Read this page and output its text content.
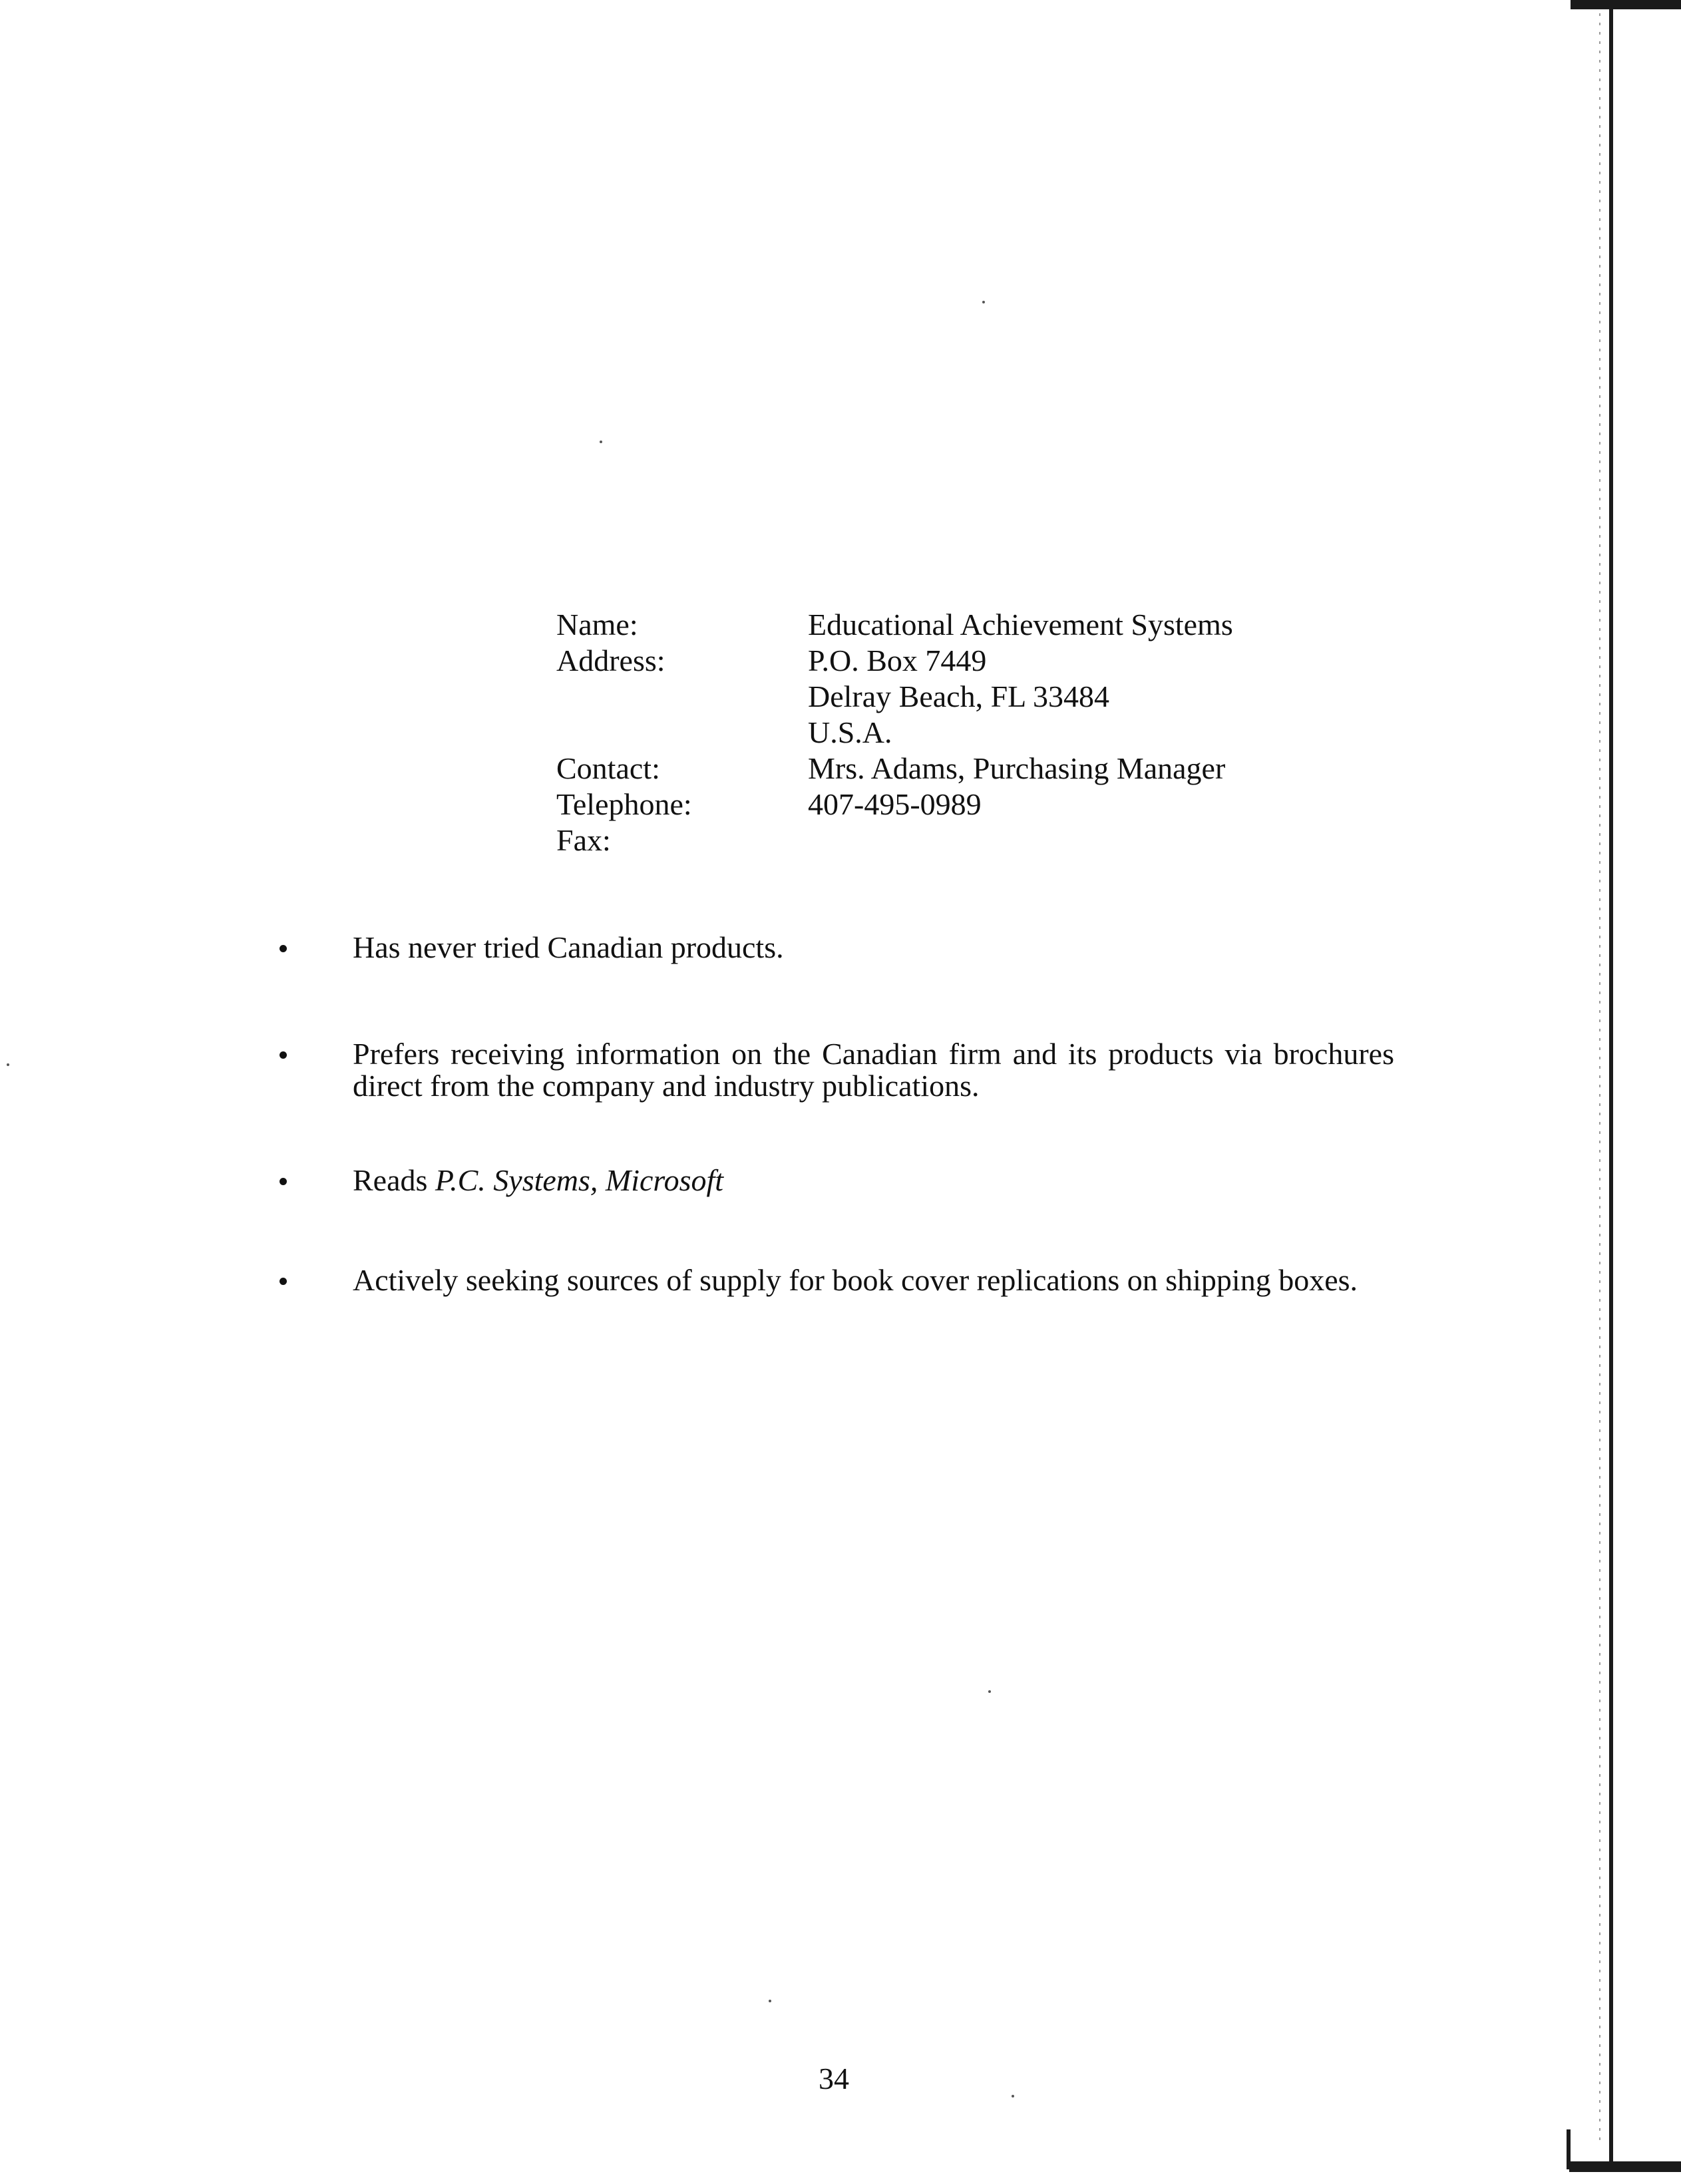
Name:	Educational Achievement Systems
Address:	P.O. Box 7449
Delray Beach, FL 33484
U.S.A.
Contact:	Mrs. Adams, Purchasing Manager
Telephone:	407-495-0989
Fax:
Has never tried Canadian products.
Prefers receiving information on the Canadian firm and its products via brochures direct from the company and industry publications.
Reads P.C. Systems, Microsoft
Actively seeking sources of supply for book cover replications on shipping boxes.
34
